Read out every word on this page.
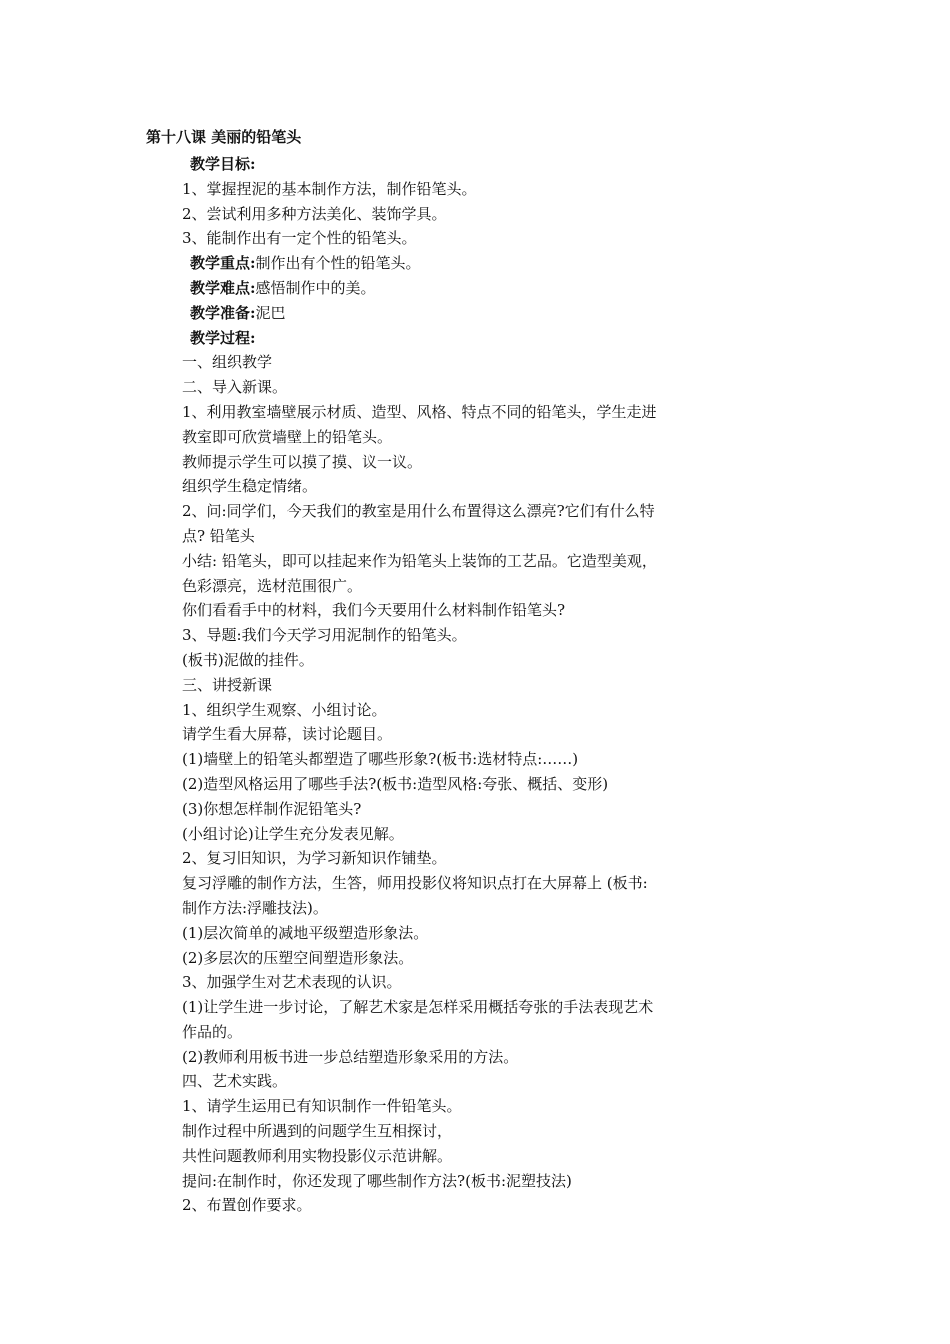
第十八课 美丽的铅笔头
教学目标:
1、掌握捏泥的基本制作方法，制作铅笔头。
2、尝试利用多种方法美化、装饰学具。
3、能制作出有一定个性的铅笔头。
教学重点:制作出有个性的铅笔头。
教学难点:感悟制作中的美。
教学准备:泥巴
教学过程:
一、组织教学
二、导入新课。
1、利用教室墙壁展示材质、造型、风格、特点不同的铅笔头，学生走进
教室即可欣赏墙壁上的铅笔头。
教师提示学生可以摸了摸、议一议。
组织学生稳定情绪。
2、问:同学们，今天我们的教室是用什么布置得这么漂亮?它们有什么特
点? 铅笔头
小结: 铅笔头，即可以挂起来作为铅笔头上装饰的工艺品。它造型美观，
色彩漂亮，选材范围很广。
你们看看手中的材料，我们今天要用什么材料制作铅笔头?
3、导题:我们今天学习用泥制作的铅笔头。
(板书)泥做的挂件。
三、讲授新课
1、组织学生观察、小组讨论。
请学生看大屏幕，读讨论题目。
(1)墙壁上的铅笔头都塑造了哪些形象?(板书:选材特点:……)
(2)造型风格运用了哪些手法?(板书:造型风格:夸张、概括、变形)
(3)你想怎样制作泥铅笔头?
(小组讨论)让学生充分发表见解。
2、复习旧知识，为学习新知识作铺垫。
复习浮雕的制作方法，生答，师用投影仪将知识点打在大屏幕上 (板书:
制作方法:浮雕技法)。
(1)层次简单的减地平级塑造形象法。
(2)多层次的压塑空间塑造形象法。
3、加强学生对艺术表现的认识。
(1)让学生进一步讨论，了解艺术家是怎样采用概括夸张的手法表现艺术
作品的。
(2)教师利用板书进一步总结塑造形象采用的方法。
四、艺术实践。
1、请学生运用已有知识制作一件铅笔头。
制作过程中所遇到的问题学生互相探讨，
共性问题教师利用实物投影仪示范讲解。
提问:在制作时，你还发现了哪些制作方法?(板书:泥塑技法)
2、布置创作要求。
